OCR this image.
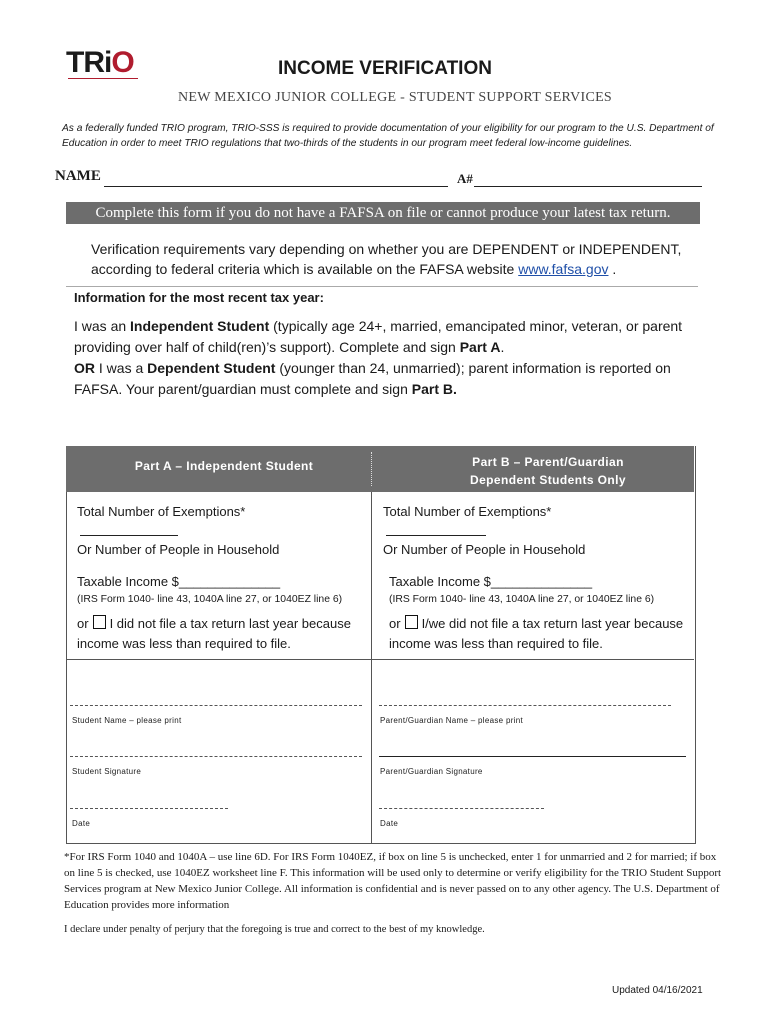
TRiO	INCOME VERIFICATION
NEW MEXICO JUNIOR COLLEGE - STUDENT SUPPORT SERVICES
As a federally funded TRIO program, TRIO-SSS is required to provide documentation of your eligibility for our program to the U.S. Department of Education in order to meet TRIO regulations that two-thirds of the students in our program meet federal low-income guidelines.
NAME	A#
Complete this form if you do not have a FAFSA on file or cannot produce your latest tax return.
Verification requirements vary depending on whether you are DEPENDENT or INDEPENDENT, according to federal criteria which is available on the FAFSA website www.fafsa.gov .
Information for the most recent tax year:
I was an Independent Student (typically age 24+, married, emancipated minor, veteran, or parent providing over half of child(ren)’s support). Complete and sign Part A.
OR I was a Dependent Student (younger than 24, unmarried); parent information is reported on FAFSA. Your parent/guardian must complete and sign Part B.
Part A – Independent Student	Part B – Parent/Guardian
Dependent Students Only
Total Number of Exemptions*
Or Number of People in Household
Taxable Income $______________
(IRS Form 1040- line 43, 1040A line 27, or 1040EZ line 6)
or I did not file a tax return last year because income was less than required to file.
Total Number of Exemptions*
Or Number of People in Household
Taxable Income $______________
(IRS Form 1040- line 43, 1040A line 27, or 1040EZ line 6)
or I/we did not file a tax return last year because income was less than required to file.
Student Name – please print
Student Signature
Date
Parent/Guardian Name – please print
Parent/Guardian Signature
Date
*For IRS Form 1040 and 1040A – use line 6D. For IRS Form 1040EZ, if box on line 5 is unchecked, enter 1 for unmarried and 2 for married; if box on line 5 is checked, use 1040EZ worksheet line F. This information will be used only to determine or verify eligibility for the TRIO Student Support Services program at New Mexico Junior College. All information is confidential and is never passed on to any other agency. The U.S. Department of Education provides more information
I declare under penalty of perjury that the foregoing is true and correct to the best of my knowledge.
Updated 04/16/2021
